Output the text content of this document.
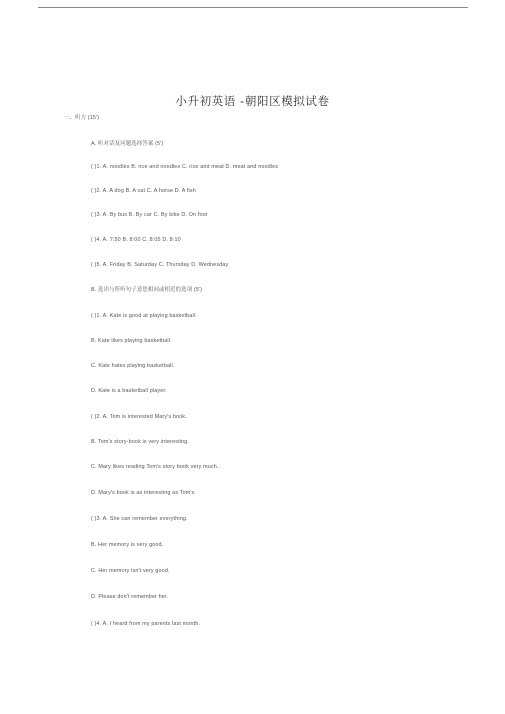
小升初英语 -朝阳区模拟试卷
一、听力 (15')
A. 听对话及问题选择答案 (5')
( )1. A. noodles B. rice and noodles C. rice and meat D. meat and noodles
( )2. A. A dog B. A cat C. A horse D. A fish
( )3. A. By bus B. By car C. By bike D. On foot
( )4. A. 7:50 B. 8:00 C. 8:05 D. 8:10
( )5. A. Friday B. Saturday C. Thursday D. Wednesday
B. 选出与所听句子意思相同或相近的选项 (5')
( )1. A. Kate is good at playing basketball.
B. Kate likes playing basketball.
C. Kate hates playing basketball.
D. Kate is a basketball player.
( )2. A. Tom is interested Mary's book.
B. Tom's story-book is very interesting.
C. Mary likes reading Tom's story book very much..
D. Mary's book is as interesting as Tom's.
( )3. A. She can remember everything.
B. Her memory is very good.
C. Her memory isn't very good.
D. Please don't remember her.
( )4. A. I heard from my parents last month.
